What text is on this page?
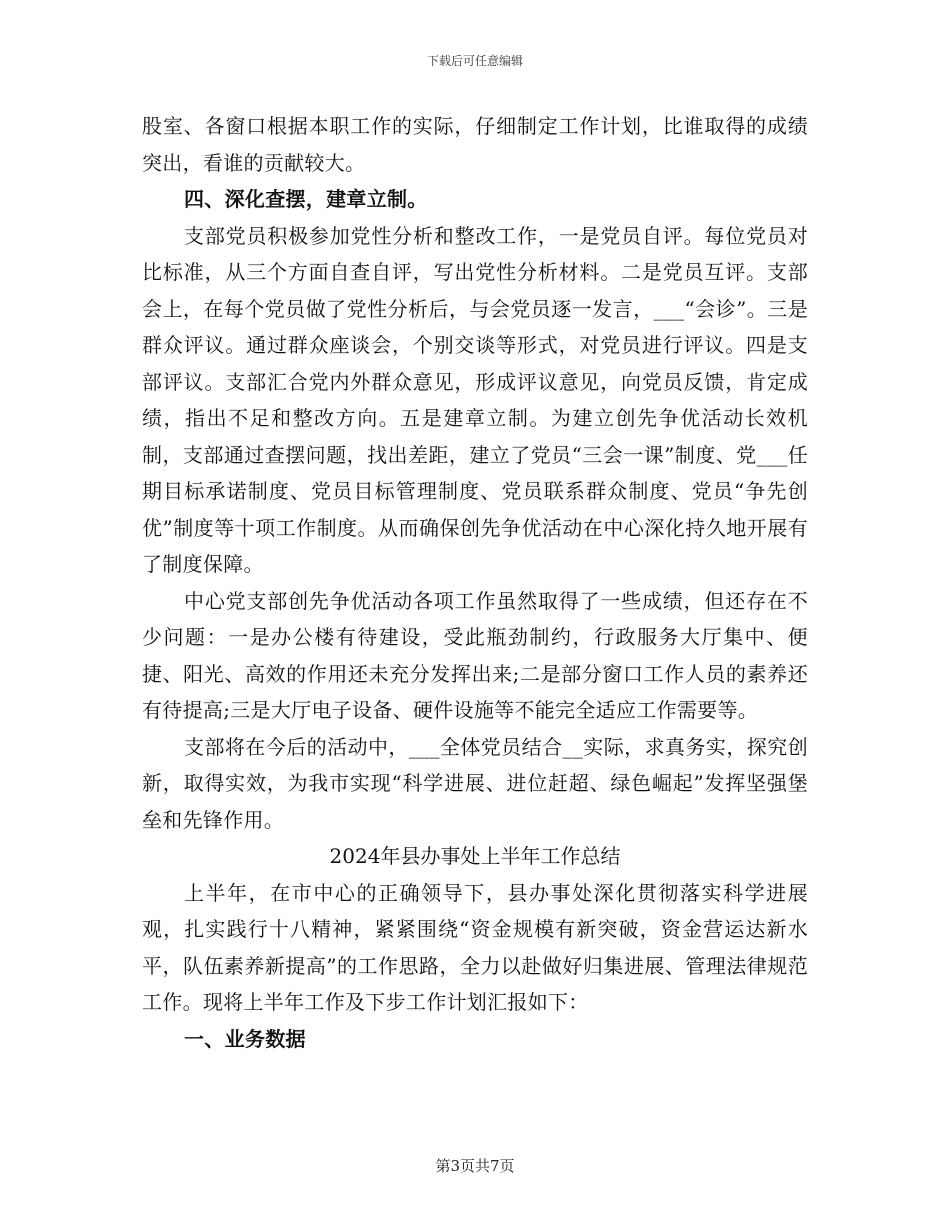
下载后可任意编辑

股室、各窗口根据本职工作的实际，仔细制定工作计划，比谁取得的成绩突出，看谁的贡献较大。

四、深化查摆，建章立制。

支部党员积极参加党性分析和整改工作，一是党员自评。每位党员对比标准，从三个方面自查自评，写出党性分析材料。二是党员互评。支部会上，在每个党员做了党性分析后，与会党员逐一发言，___“会诊”。三是群众评议。通过群众座谈会，个别交谈等形式，对党员进行评议。四是支部评议。支部汇合党内外群众意见，形成评议意见，向党员反馈，肯定成绩，指出不足和整改方向。五是建章立制。为建立创先争优活动长效机制，支部通过查摆问题，找出差距，建立了党员“三会一课”制度、党___任期目标承诺制度、党员目标管理制度、党员联系群众制度、党员“争先创优”制度等十项工作制度。从而确保创先争优活动在中心深化持久地开展有了制度保障。

中心党支部创先争优活动各项工作虽然取得了一些成绩，但还存在不少问题：一是办公楼有待建设，受此瓶劲制约，行政服务大厅集中、便捷、阳光、高效的作用还未充分发挥出来;二是部分窗口工作人员的素养还有待提高;三是大厅电子设备、硬件设施等不能完全适应工作需要等。

支部将在今后的活动中，___全体党员结合__实际，求真务实，探究创新，取得实效，为我市实现“科学进展、进位赶超、绿色崛起”发挥坚强堡垒和先锋作用。

2024年县办事处上半年工作总结

上半年，在市中心的正确领导下，县办事处深化贯彻落实科学进展观，扎实践行十八精神，紧紧围绕“资金规模有新突破，资金营运达新水平，队伍素养新提高”的工作思路，全力以赴做好归集进展、管理法律规范工作。现将上半年工作及下步工作计划汇报如下：

一、业务数据

第3页共7页
